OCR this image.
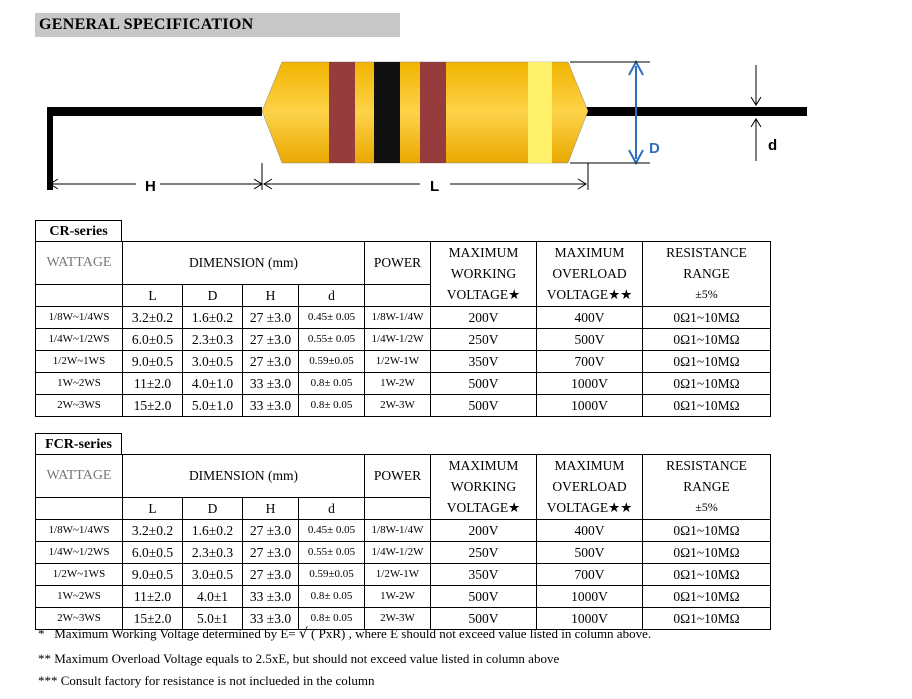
GENERAL SPECIFICATION
D	d
H	L
CR-series
WATTAGE	DIMENSION (mm)				POWER	MAXIMUM	MAXIMUM	RESISTANCE
						WORKING	OVERLOAD	RANGE
	L	D	H	d		VOLTAGE★	VOLTAGE★★	±5%
1/8W~1/4WS	3.2±0.2	1.6±0.2	27 ±3.0	0.45± 0.05	1/8W-1/4W	200V	400V	0Ω1~10MΩ
1/4W~1/2WS	6.0±0.5	2.3±0.3	27 ±3.0	0.55± 0.05	1/4W-1/2W	250V	500V	0Ω1~10MΩ
1/2W~1WS	9.0±0.5	3.0±0.5	27 ±3.0	0.59±0.05	1/2W-1W	350V	700V	0Ω1~10MΩ
1W~2WS	11±2.0	4.0±1.0	33 ±3.0	0.8± 0.05	1W-2W	500V	1000V	0Ω1~10MΩ
2W~3WS	15±2.0	5.0±1.0	33 ±3.0	0.8± 0.05	2W-3W	500V	1000V	0Ω1~10MΩ
FCR-series
WATTAGE	DIMENSION (mm)				POWER	MAXIMUM	MAXIMUM	RESISTANCE
						WORKING	OVERLOAD	RANGE
	L	D	H	d		VOLTAGE★	VOLTAGE★★	±5%
1/8W~1/4WS	3.2±0.2	1.6±0.2	27 ±3.0	0.45± 0.05	1/8W-1/4W	200V	400V	0Ω1~10MΩ
1/4W~1/2WS	6.0±0.5	2.3±0.3	27 ±3.0	0.55± 0.05	1/4W-1/2W	250V	500V	0Ω1~10MΩ
1/2W~1WS	9.0±0.5	3.0±0.5	27 ±3.0	0.59±0.05	1/2W-1W	350V	700V	0Ω1~10MΩ
1W~2WS	11±2.0	4.0±1	33 ±3.0	0.8± 0.05	1W-2W	500V	1000V	0Ω1~10MΩ
2W~3WS	15±2.0	5.0±1	33 ±3.0	0.8± 0.05	2W-3W	500V	1000V	0Ω1~10MΩ
* Maximum Working Voltage determined by E= √ ( PxR) , where E should not exceed value listed in column above.
** Maximum Overload Voltage equals to 2.5xE, but should not exceed value listed in column above
*** Consult factory for resistance is not inclueded in the column
